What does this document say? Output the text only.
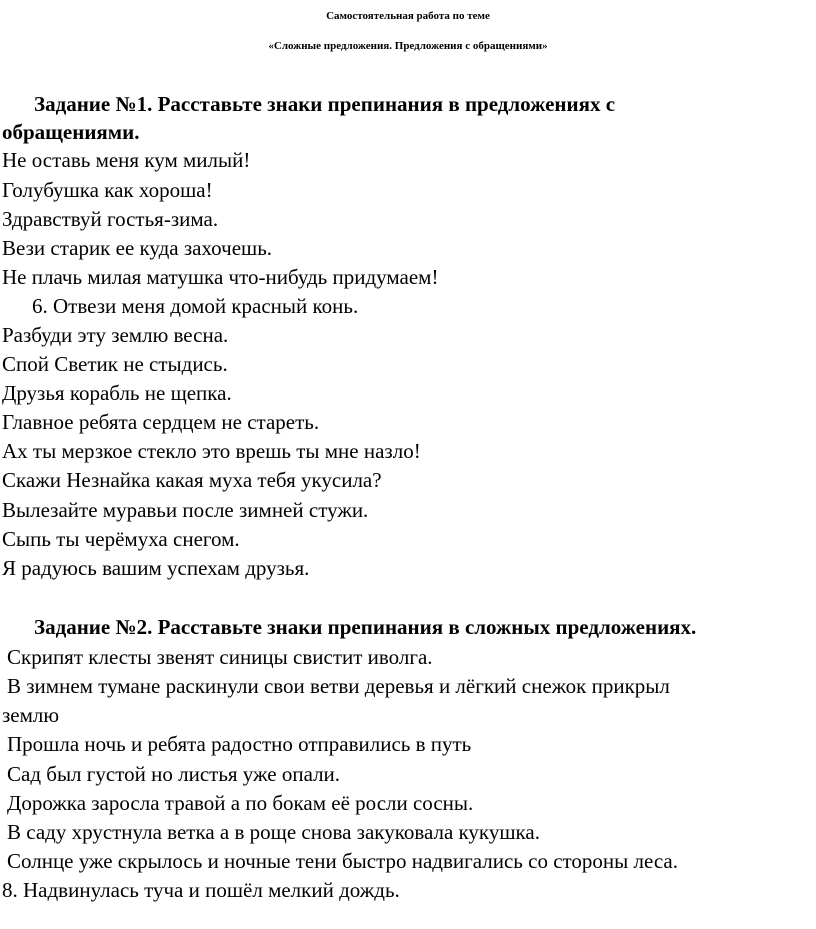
Самостоятельная работа по теме
«Сложные предложения. Предложения с обращениями»
Задание №1. Расставьте знаки препинания в предложениях с
обращениями.
Не оставь меня кум милый!
Голубушка как хороша!
Здравствуй гостья-зима.
Вези старик ее куда захочешь.
Не плачь милая матушка что-нибудь придумаем!
6. Отвези меня домой красный конь.
Разбуди эту землю весна.
Спой Светик не стыдись.
Друзья корабль не щепка.
Главное ребята сердцем не стареть.
Ах ты мерзкое стекло это врешь ты мне назло!
Скажи Незнайка какая муха тебя укусила?
Вылезайте муравьи после зимней стужи.
Сыпь ты черёмуха снегом.
Я радуюсь вашим успехам друзья.
Задание №2. Расставьте знаки препинания в сложных предложениях.
Скрипят клесты звенят синицы свистит иволга.
В зимнем тумане раскинули свои ветви деревья и лёгкий снежок прикрыл
землю
Прошла ночь и ребята радостно отправились в путь
Сад был густой но листья уже опали.
Дорожка заросла травой а по бокам её росли сосны.
В саду хрустнула ветка а в роще снова закуковала кукушка.
Солнце уже скрылось и ночные тени быстро надвигались со стороны леса.
8. Надвинулась туча и пошёл мелкий дождь.
